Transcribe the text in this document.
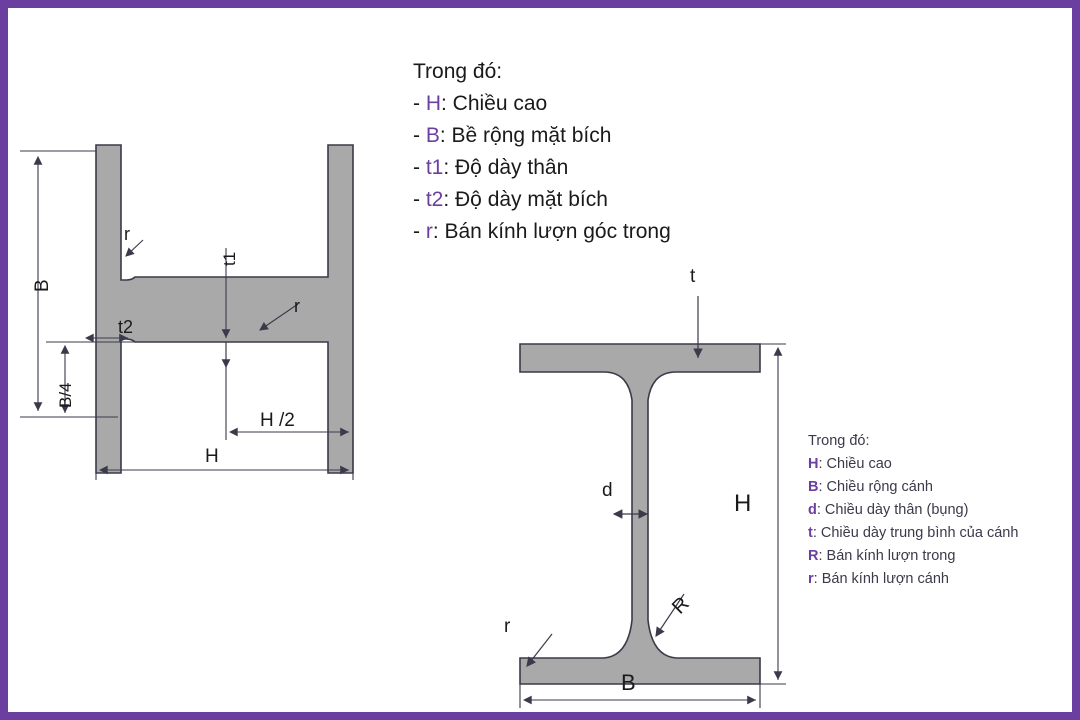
B
B/4
t1
t2
r
r
H /2
H
t
d	H
B
R
r
Trong đó:
- H: Chiều cao
- B: Bề rộng mặt bích
- t1: Độ dày thân
- t2: Độ dày mặt bích
- r: Bán kính lượn góc trong
Trong đó:
H: Chiều cao
B: Chiều rộng cánh
d: Chiều dày thân (bụng)
t: Chiều dày trung bình của cánh
R: Bán kính lượn trong
r: Bán kính lượn cánh
